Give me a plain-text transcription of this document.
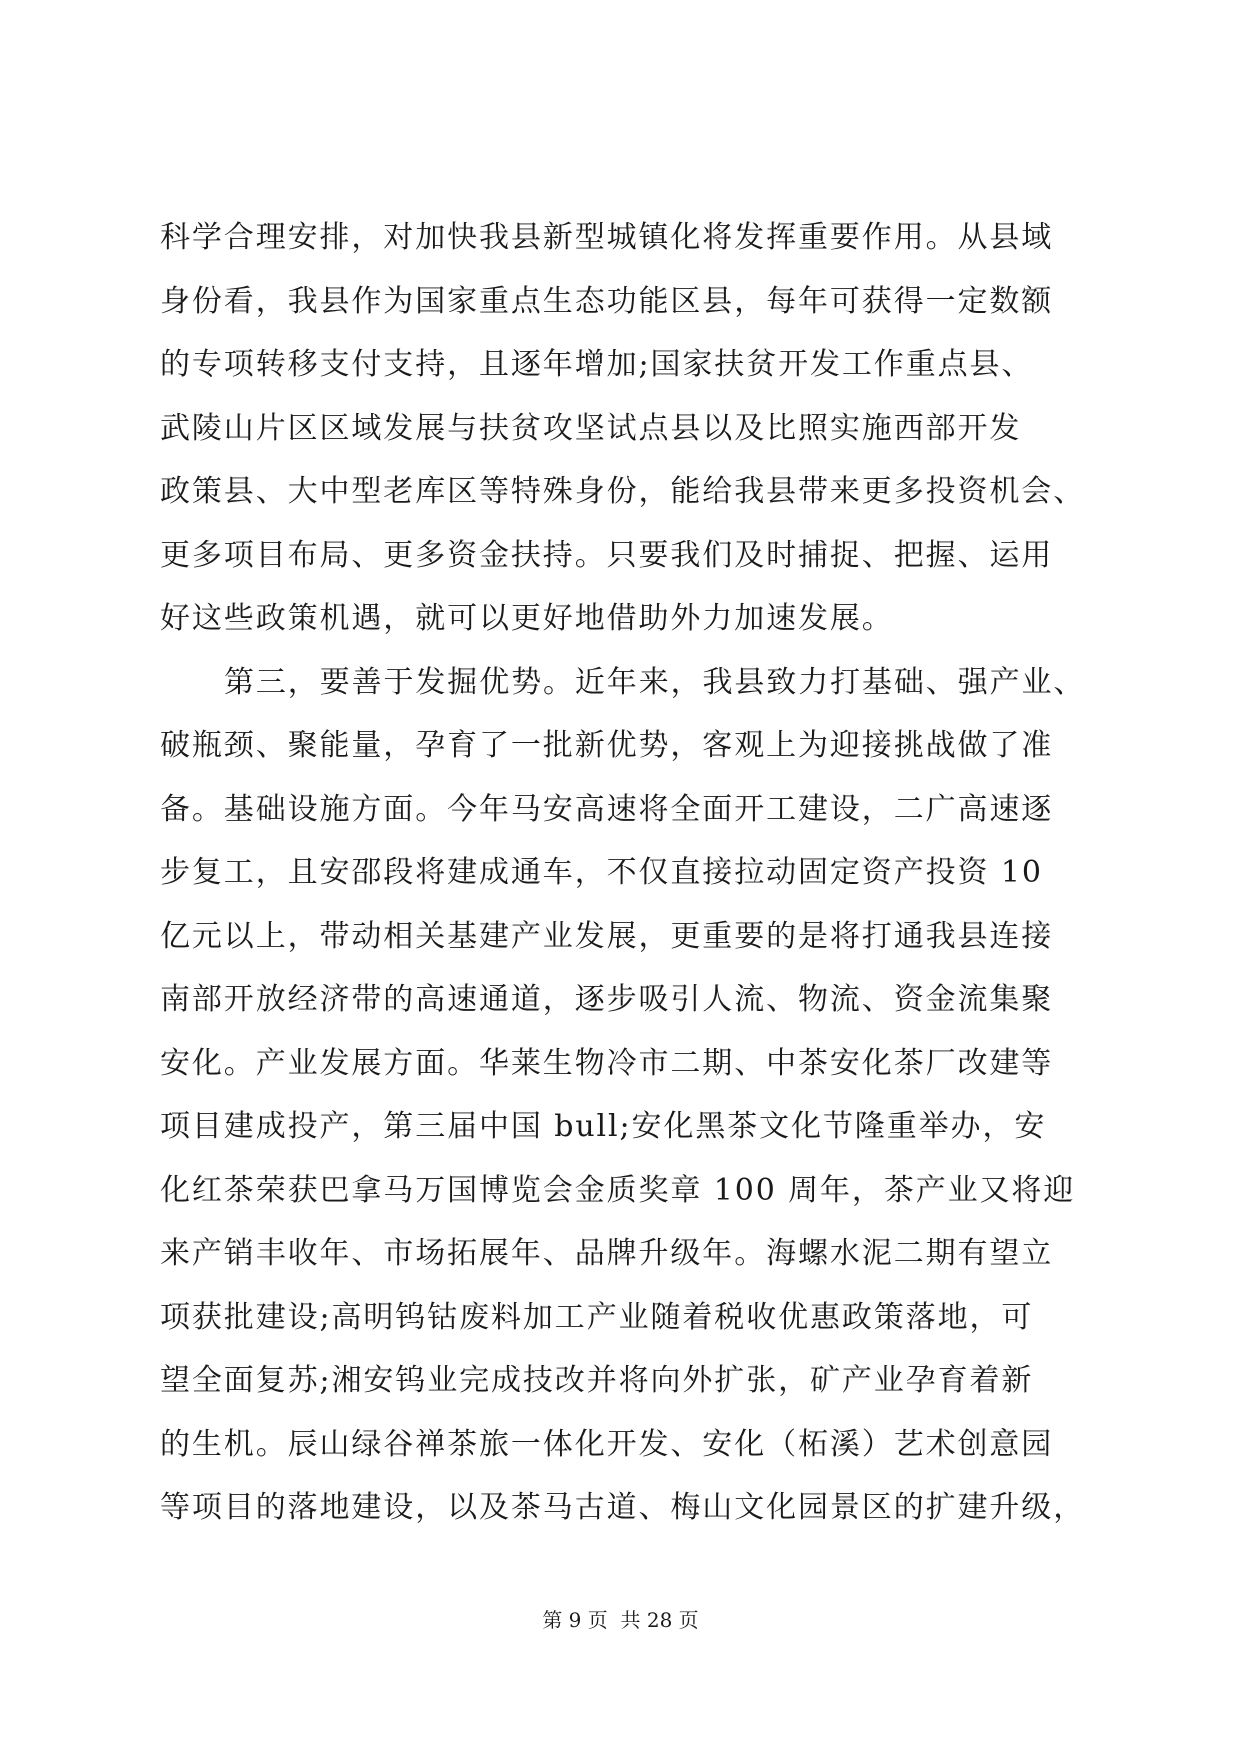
科学合理安排，对加快我县新型城镇化将发挥重要作用。从县域
身份看，我县作为国家重点生态功能区县，每年可获得一定数额
的专项转移支付支持，且逐年增加;国家扶贫开发工作重点县、
武陵山片区区域发展与扶贫攻坚试点县以及比照实施西部开发
政策县、大中型老库区等特殊身份，能给我县带来更多投资机会、
更多项目布局、更多资金扶持。只要我们及时捕捉、把握、运用
好这些政策机遇，就可以更好地借助外力加速发展。
第三，要善于发掘优势。近年来，我县致力打基础、强产业、
破瓶颈、聚能量，孕育了一批新优势，客观上为迎接挑战做了准
备。基础设施方面。今年马安高速将全面开工建设，二广高速逐
步复工，且安邵段将建成通车，不仅直接拉动固定资产投资 10
亿元以上，带动相关基建产业发展，更重要的是将打通我县连接
南部开放经济带的高速通道，逐步吸引人流、物流、资金流集聚
安化。产业发展方面。华莱生物冷市二期、中茶安化茶厂改建等
项目建成投产，第三届中国 bull;安化黑茶文化节隆重举办，安
化红茶荣获巴拿马万国博览会金质奖章 100 周年，茶产业又将迎
来产销丰收年、市场拓展年、品牌升级年。海螺水泥二期有望立
项获批建设;高明钨钴废料加工产业随着税收优惠政策落地，可
望全面复苏;湘安钨业完成技改并将向外扩张，矿产业孕育着新
的生机。辰山绿谷禅茶旅一体化开发、安化（柘溪）艺术创意园
等项目的落地建设，以及茶马古道、梅山文化园景区的扩建升级，
第 9 页  共 28 页
